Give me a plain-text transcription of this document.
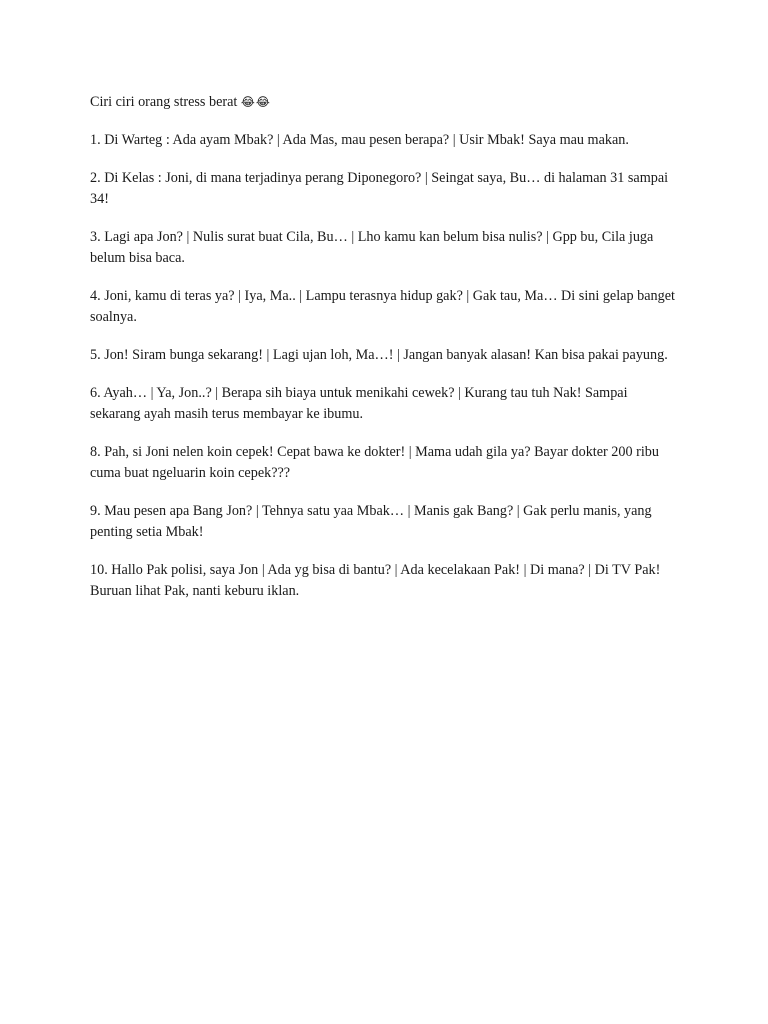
Ciri ciri orang stress berat 😂😂

1. Di Warteg : Ada ayam Mbak? | Ada Mas, mau pesen berapa? | Usir Mbak! Saya mau makan.

2. Di Kelas : Joni, di mana terjadinya perang Diponegoro? | Seingat saya, Bu… di halaman 31 sampai 34!

3. Lagi apa Jon? | Nulis surat buat Cila, Bu… | Lho kamu kan belum bisa nulis? | Gpp bu, Cila juga belum bisa baca.

4. Joni, kamu di teras ya? | Iya, Ma.. | Lampu terasnya hidup gak? | Gak tau, Ma… Di sini gelap banget soalnya.

5. Jon! Siram bunga sekarang! | Lagi ujan loh, Ma…! | Jangan banyak alasan! Kan bisa pakai payung.

6. Ayah… | Ya, Jon..? | Berapa sih biaya untuk menikahi cewek? | Kurang tau tuh Nak! Sampai sekarang ayah masih terus membayar ke ibumu.

8. Pah, si Joni nelen koin cepek! Cepat bawa ke dokter! | Mama udah gila ya? Bayar dokter 200 ribu cuma buat ngeluarin koin cepek???

9. Mau pesen apa Bang Jon? | Tehnya satu yaa Mbak… | Manis gak Bang? | Gak perlu manis, yang penting setia Mbak!

10. Hallo Pak polisi, saya Jon | Ada yg bisa di bantu? | Ada kecelakaan Pak! | Di mana? | Di TV Pak! Buruan lihat Pak, nanti keburu iklan.
